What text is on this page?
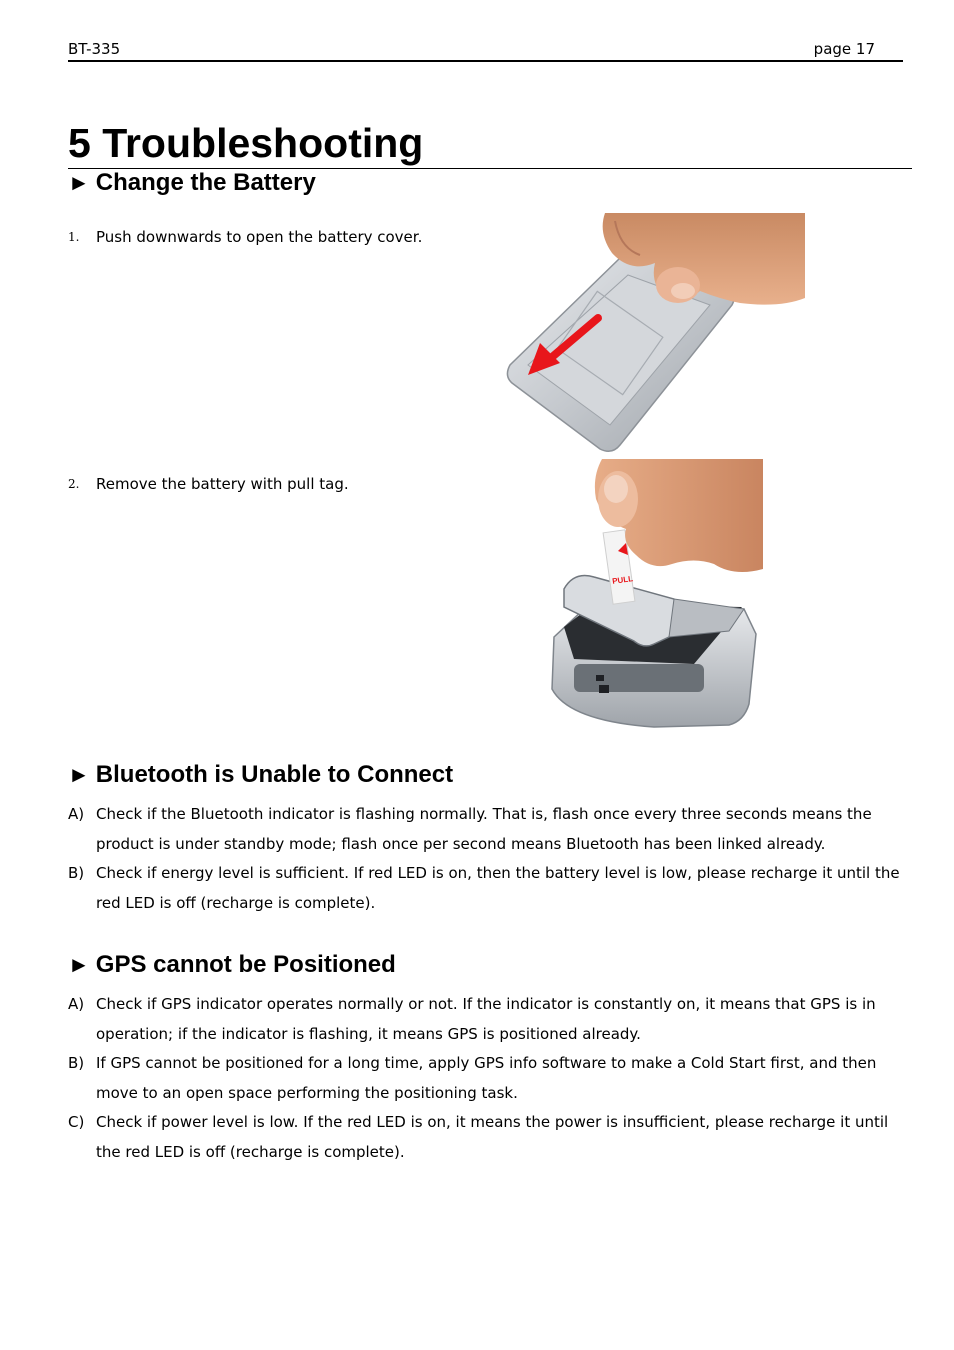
BT-335	page 17
5 Troubleshooting
► Change the Battery
1. Push downwards to open the battery cover.
2. Remove the battery with pull tag.
PULL
► Bluetooth is Unable to Connect
A) Check if the Bluetooth indicator is flashing normally. That is, flash once every three seconds means the product is under standby mode; flash once per second means Bluetooth has been linked already.
B) Check if energy level is sufficient. If red LED is on, then the battery level is low, please recharge it until the red LED is off (recharge is complete).
► GPS cannot be Positioned
A) Check if GPS indicator operates normally or not. If the indicator is constantly on, it means that GPS is in operation; if the indicator is flashing, it means GPS is positioned already.
B) If GPS cannot be positioned for a long time, apply GPS info software to make a Cold Start first, and then move to an open space performing the positioning task.
C) Check if power level is low. If the red LED is on, it means the power is insufficient, please recharge it until the red LED is off (recharge is complete).
